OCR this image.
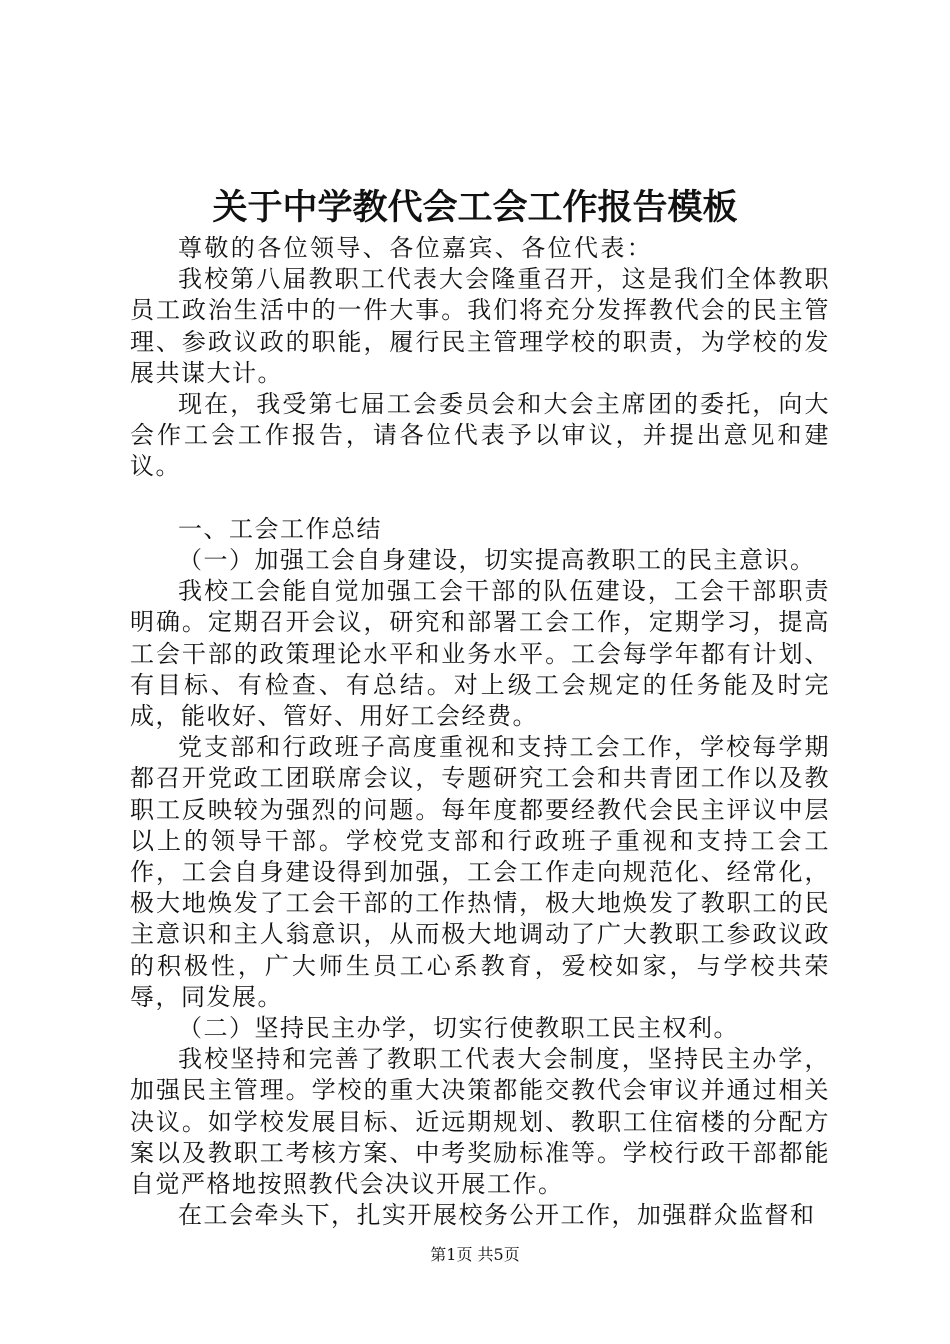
关于中学教代会工会工作报告模板

尊敬的各位领导、各位嘉宾、各位代表：

我校第八届教职工代表大会隆重召开，这是我们全体教职员工政治生活中的一件大事。我们将充分发挥教代会的民主管理、参政议政的职能，履行民主管理学校的职责，为学校的发展共谋大计。

现在，我受第七届工会委员会和大会主席团的委托，向大会作工会工作报告，请各位代表予以审议，并提出意见和建议。

一、工会工作总结

（一）加强工会自身建设，切实提高教职工的民主意识。

我校工会能自觉加强工会干部的队伍建设，工会干部职责明确。定期召开会议，研究和部署工会工作，定期学习，提高工会干部的政策理论水平和业务水平。工会每学年都有计划、有目标、有检查、有总结。对上级工会规定的任务能及时完成，能收好、管好、用好工会经费。

党支部和行政班子高度重视和支持工会工作，学校每学期都召开党政工团联席会议，专题研究工会和共青团工作以及教职工反映较为强烈的问题。每年度都要经教代会民主评议中层以上的领导干部。学校党支部和行政班子重视和支持工会工作，工会自身建设得到加强，工会工作走向规范化、经常化，极大地焕发了工会干部的工作热情，极大地焕发了教职工的民主意识和主人翁意识，从而极大地调动了广大教职工参政议政的积极性，广大师生员工心系教育，爱校如家，与学校共荣辱，同发展。

（二）坚持民主办学，切实行使教职工民主权利。

我校坚持和完善了教职工代表大会制度，坚持民主办学，加强民主管理。学校的重大决策都能交教代会审议并通过相关决议。如学校发展目标、近远期规划、教职工住宿楼的分配方案以及教职工考核方案、中考奖励标准等。学校行政干部都能自觉严格地按照教代会决议开展工作。

在工会牵头下，扎实开展校务公开工作，加强群众监督和

第1页 共5页
